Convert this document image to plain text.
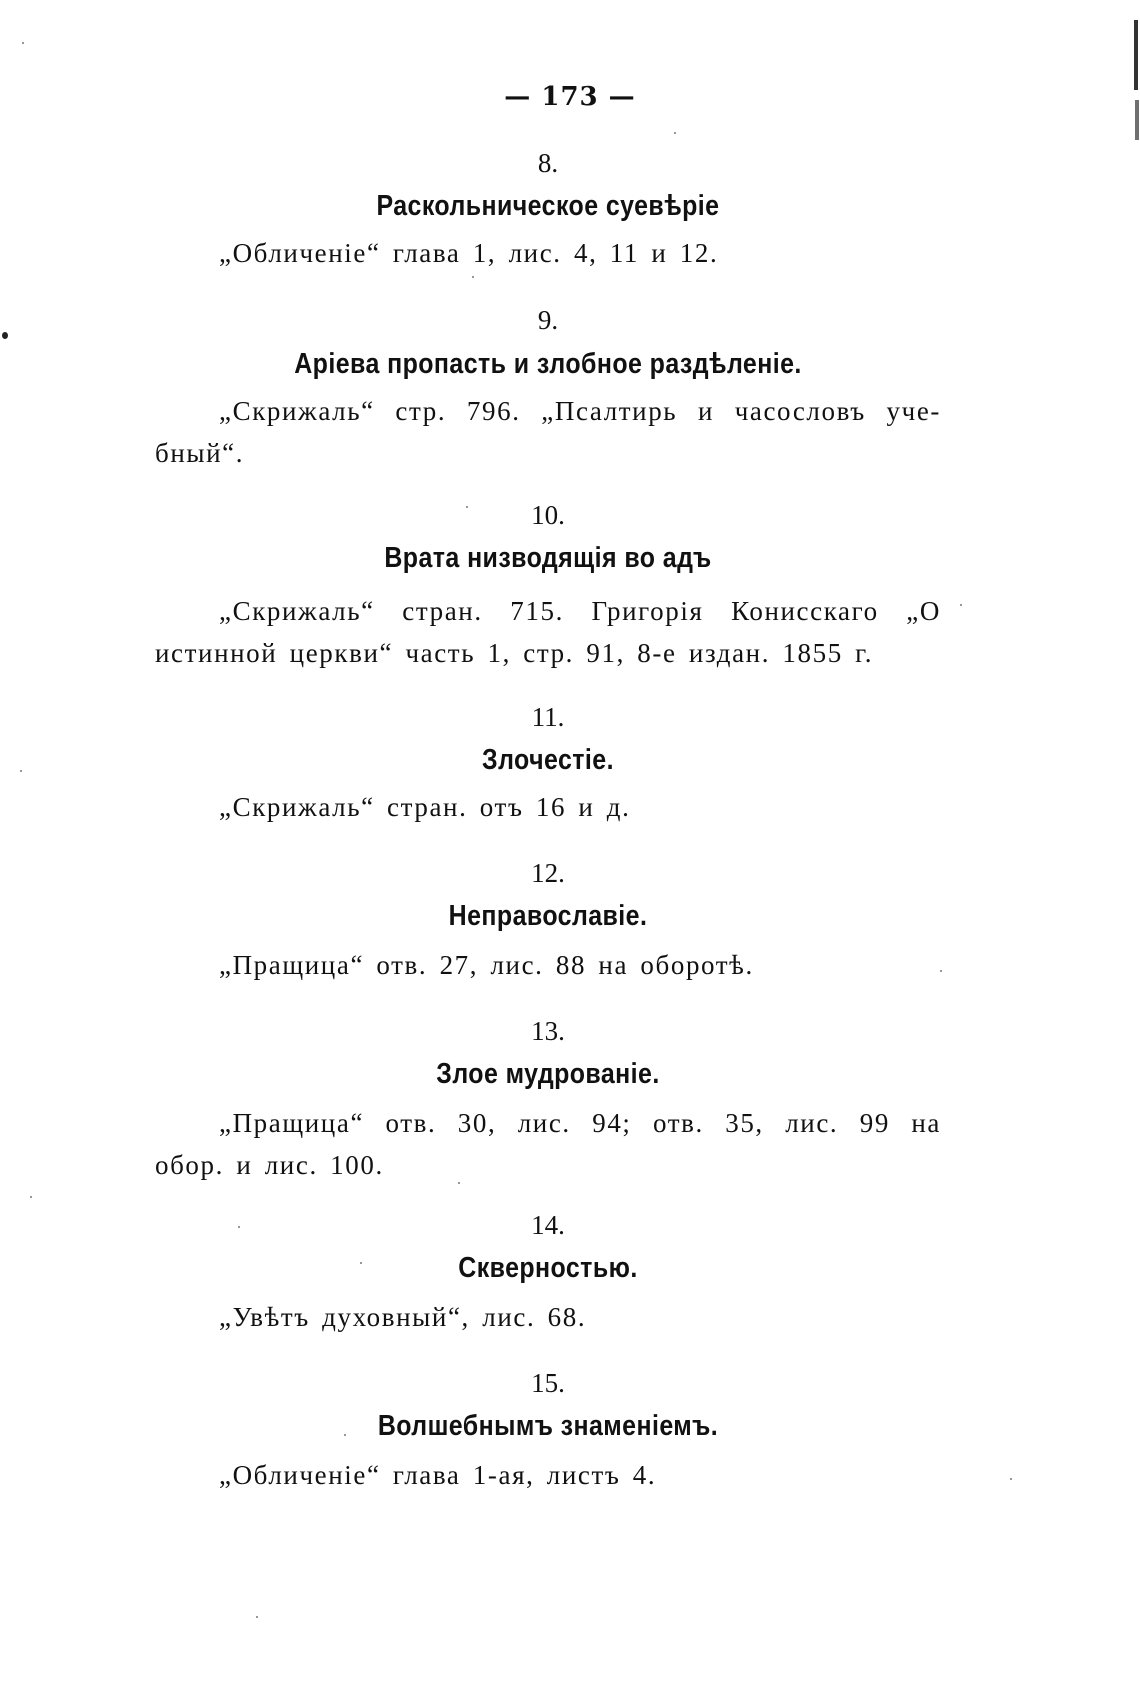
— 173 —
8.
Раскольническое суевѣріе
„Обличеніе“ глава 1, лис. 4, 11 и 12.
9.
Аріева пропасть и злобное раздѣленіе.
„Скрижаль“ стр. 796. „Псалтирь и часословъ уче-
бный“.
10.
Врата низводящія во адъ
„Скрижаль“ стран. 715. Григорія Конисскаго „О
истинной церкви“ часть 1, стр. 91, 8-е издан. 1855 г.
11.
Злочестіе.
„Скрижаль“ стран. отъ 16 и д.
12.
Неправославіе.
„Пращица“ отв. 27, лис. 88 на оборотѣ.
13.
Злое мудрованіе.
„Пращица“ отв. 30, лис. 94; отв. 35, лис. 99 на
обор. и лис. 100.
14.
Скверностью.
„Увѣтъ духовный“, лис. 68.
15.
Волшебнымъ знаменіемъ.
„Обличеніе“ глава 1-ая, листъ 4.
